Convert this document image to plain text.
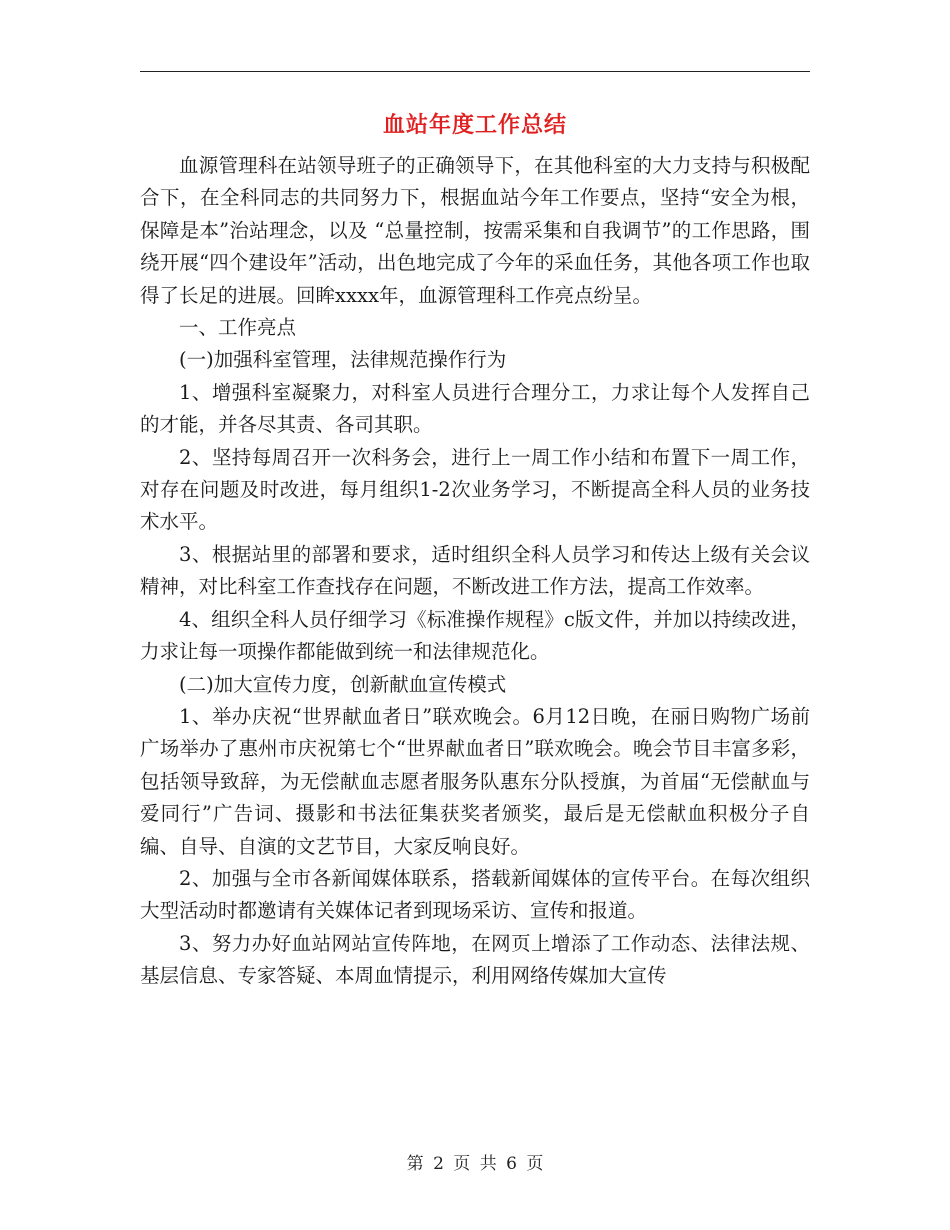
血站年度工作总结

血源管理科在站领导班子的正确领导下，在其他科室的大力支持与积极配合下，在全科同志的共同努力下，根据血站今年工作要点，坚持“安全为根，保障是本”治站理念，以及 “总量控制，按需采集和自我调节”的工作思路，围绕开展“四个建设年”活动，出色地完成了今年的采血任务，其他各项工作也取得了长足的进展。回眸xxxx年，血源管理科工作亮点纷呈。

一、工作亮点

(一)加强科室管理，法律规范操作行为

1、增强科室凝聚力，对科室人员进行合理分工，力求让每个人发挥自己的才能，并各尽其责、各司其职。

2、坚持每周召开一次科务会，进行上一周工作小结和布置下一周工作，对存在问题及时改进，每月组织1-2次业务学习，不断提高全科人员的业务技术水平。

3、根据站里的部署和要求，适时组织全科人员学习和传达上级有关会议精神，对比科室工作查找存在问题，不断改进工作方法，提高工作效率。

4、组织全科人员仔细学习《标准操作规程》c版文件，并加以持续改进，力求让每一项操作都能做到统一和法律规范化。

(二)加大宣传力度，创新献血宣传模式

1、举办庆祝“世界献血者日”联欢晚会。6月12日晚，在丽日购物广场前广场举办了惠州市庆祝第七个“世界献血者日”联欢晚会。晚会节目丰富多彩，包括领导致辞，为无偿献血志愿者服务队惠东分队授旗，为首届“无偿献血与爱同行”广告词、摄影和书法征集获奖者颁奖，最后是无偿献血积极分子自编、自导、自演的文艺节目，大家反响良好。

2、加强与全市各新闻媒体联系，搭载新闻媒体的宣传平台。在每次组织大型活动时都邀请有关媒体记者到现场采访、宣传和报道。

3、努力办好血站网站宣传阵地，在网页上增添了工作动态、法律法规、基层信息、专家答疑、本周血情提示，利用网络传媒加大宣传

第 2 页 共 6 页
